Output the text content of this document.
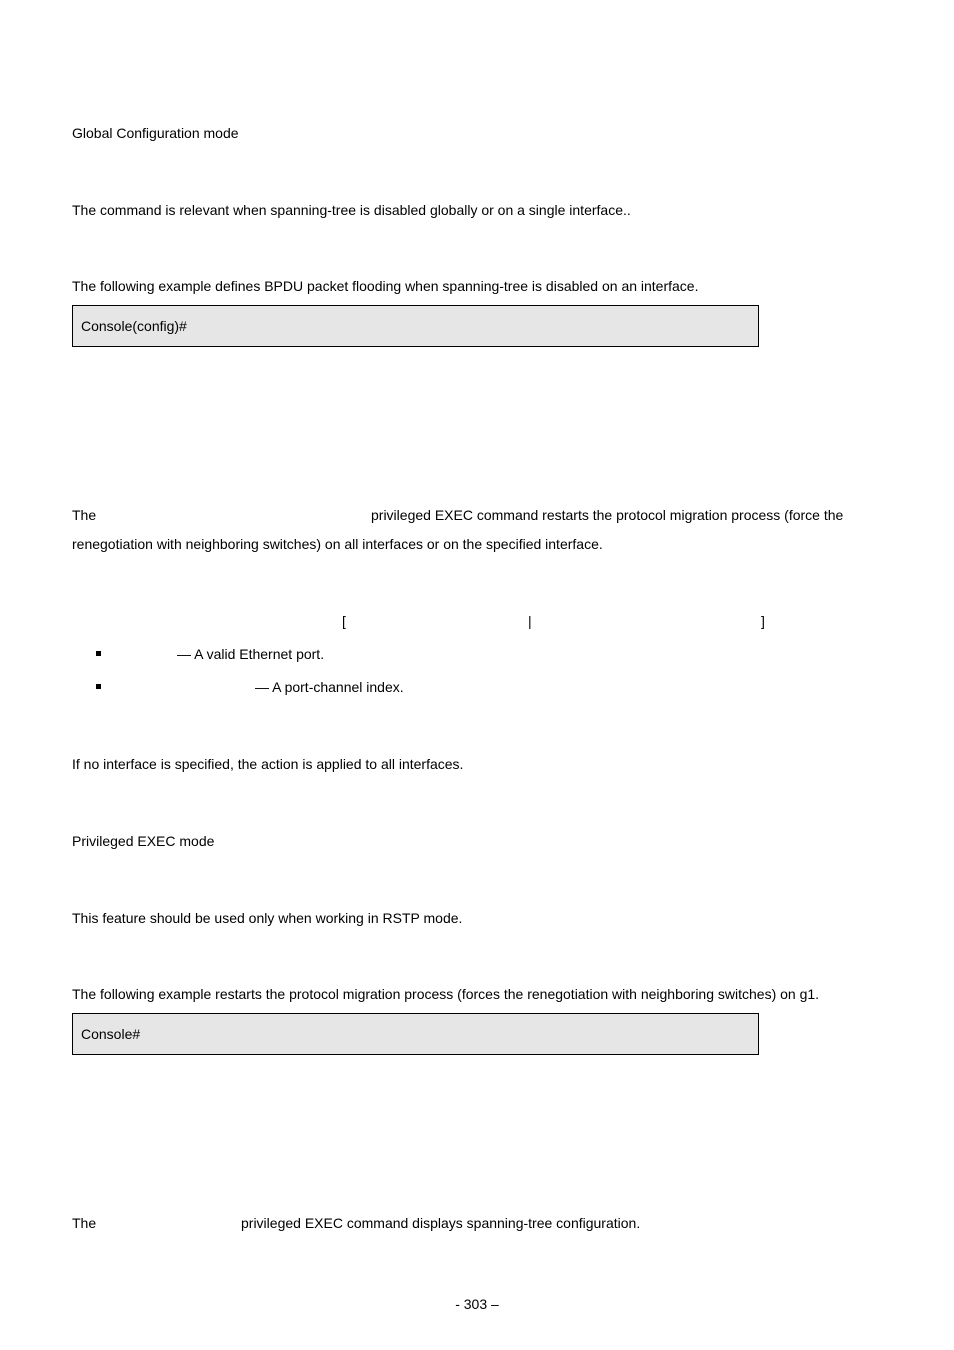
Global Configuration mode
The command is relevant when spanning-tree is disabled globally or on a single interface..
The following example defines BPDU packet flooding when spanning-tree is disabled on an interface.
Console(config)#
The	privileged EXEC command restarts the protocol migration process (force the
renegotiation with neighboring switches) on all interfaces or on the specified interface.
[	|	]
— A valid Ethernet port.
— A port-channel index.
If no interface is specified, the action is applied to all interfaces.
Privileged EXEC mode
This feature should be used only when working in RSTP mode.
The following example restarts the protocol migration process (forces the renegotiation with neighboring switches) on g1.
Console#
The	privileged EXEC command displays spanning-tree configuration.
- 303 –
